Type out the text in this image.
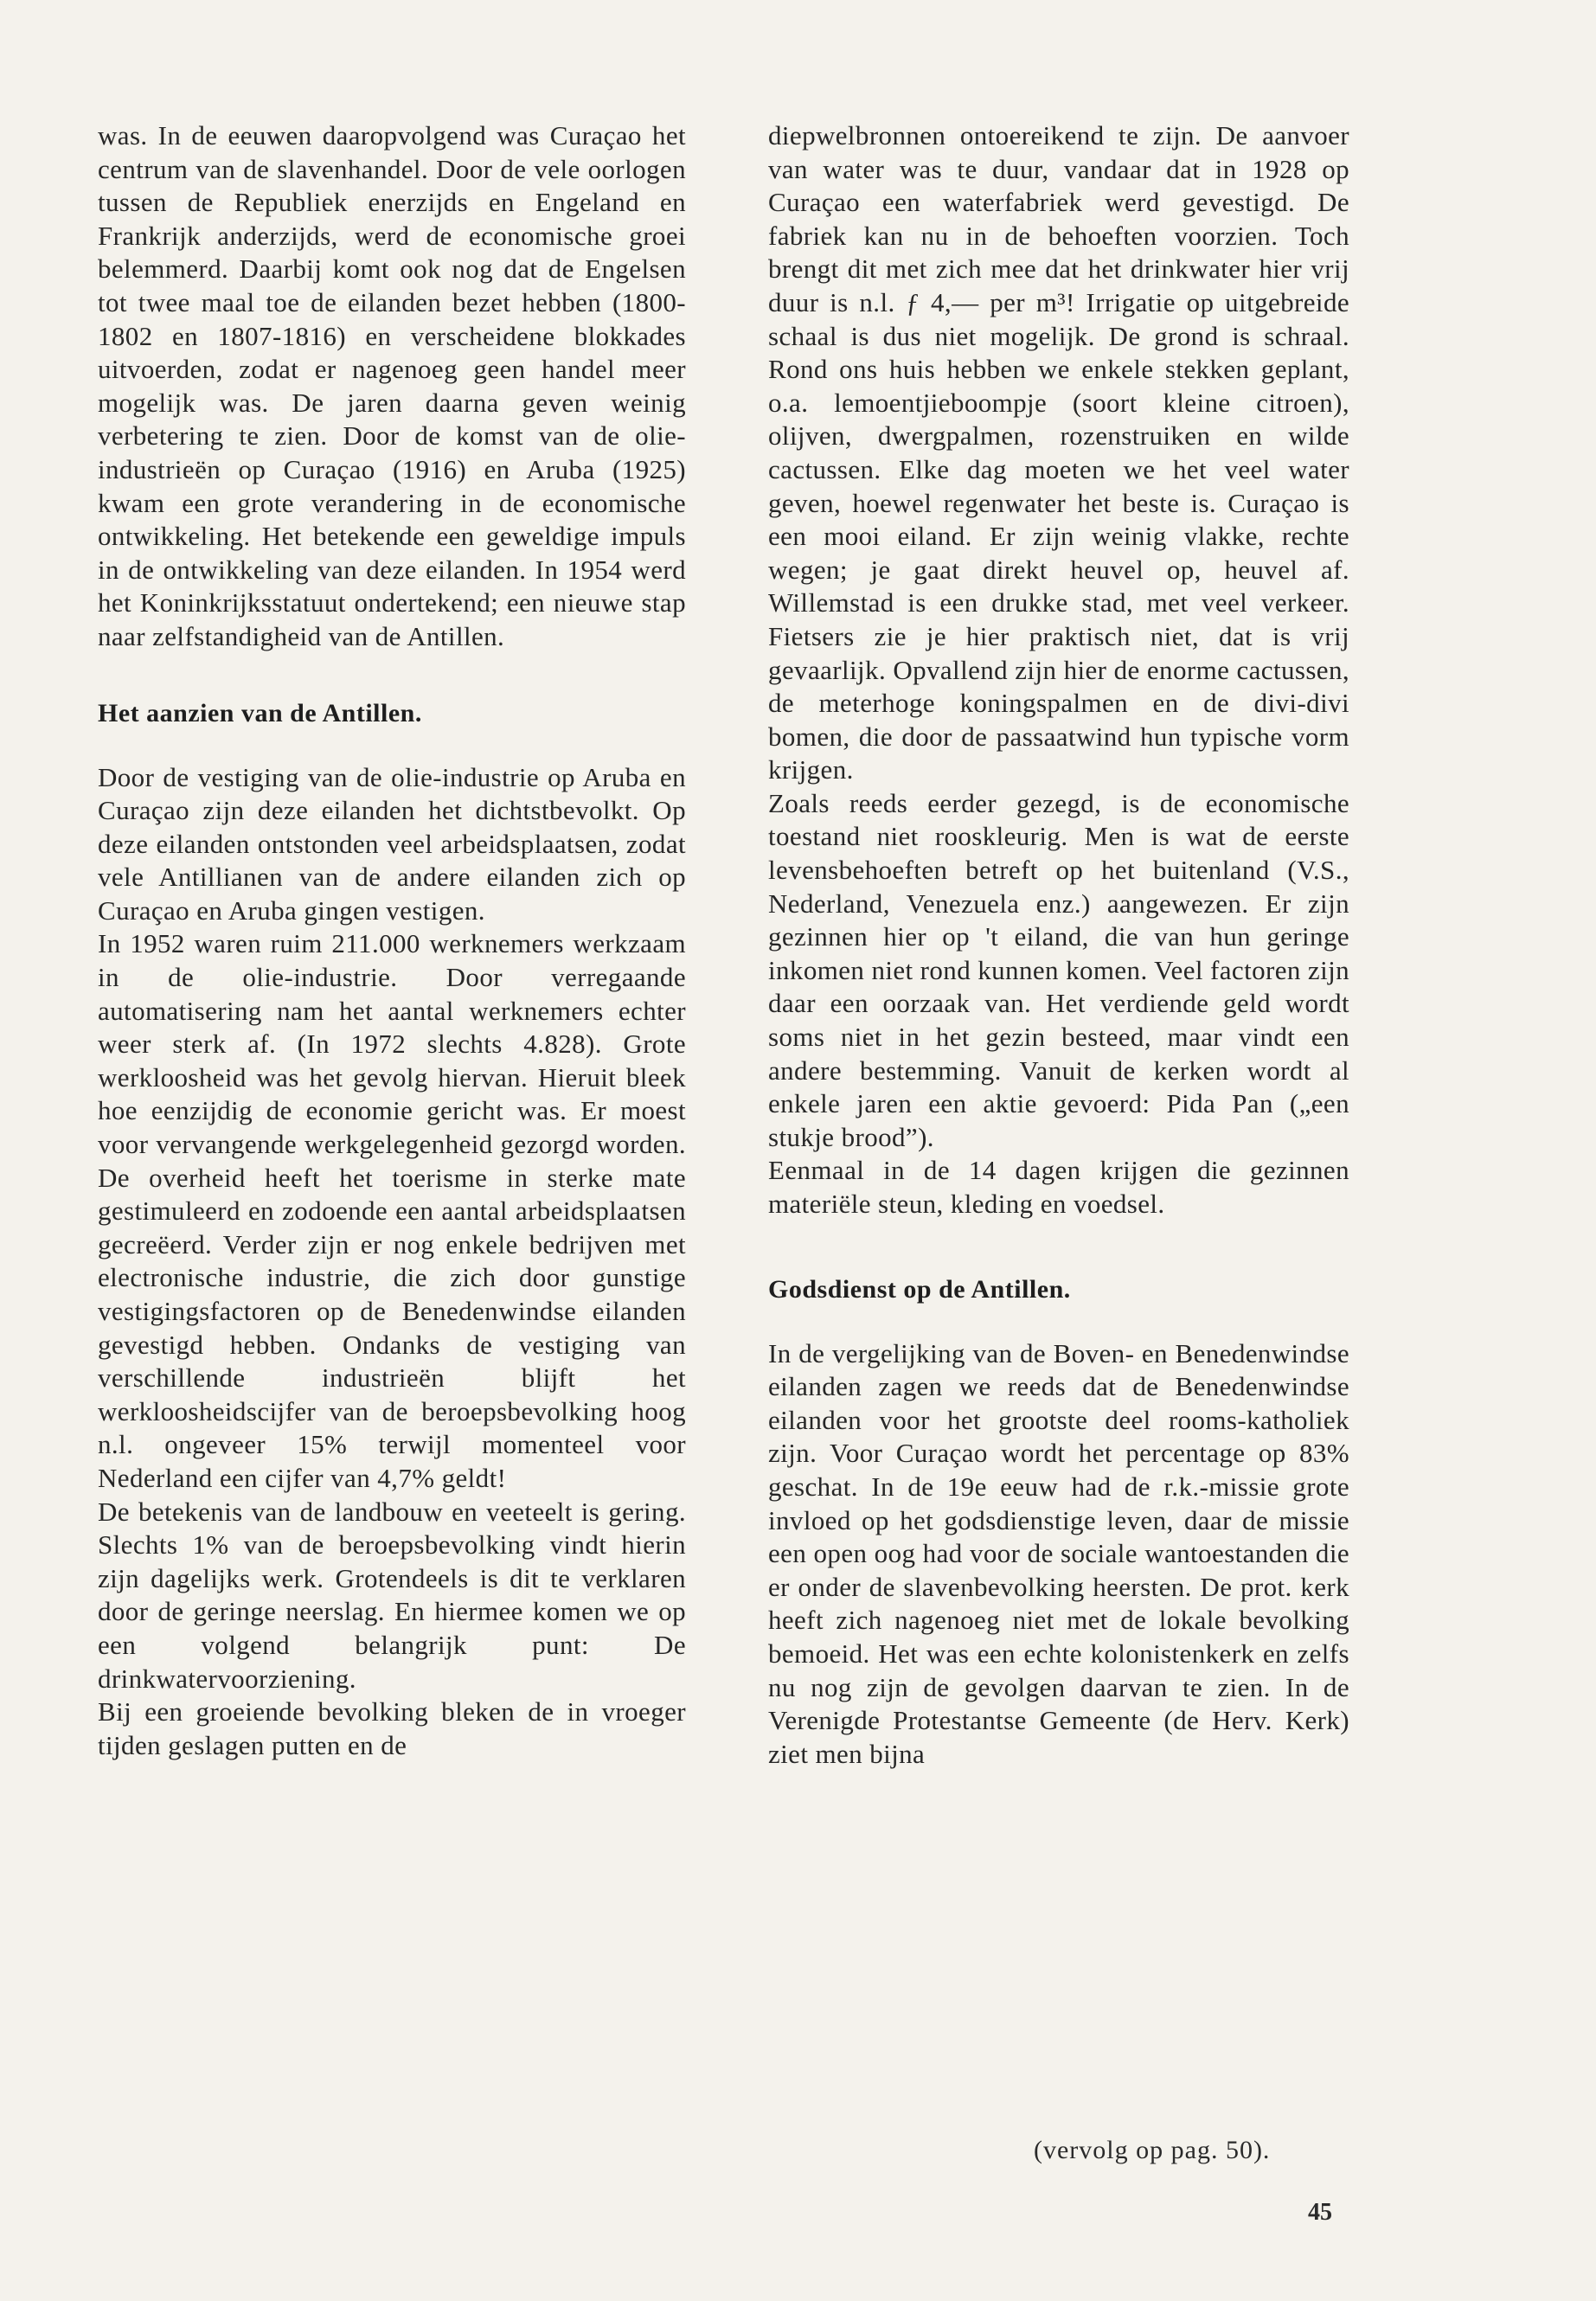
was. In de eeuwen daaropvolgend was Curaçao het centrum van de slavenhandel. Door de vele oorlogen tussen de Republiek enerzijds en Engeland en Frankrijk anderzijds, werd de economische groei belemmerd. Daarbij komt ook nog dat de Engelsen tot twee maal toe de eilanden bezet hebben (1800-1802 en 1807-1816) en verscheidene blokkades uitvoerden, zodat er nagenoeg geen handel meer mogelijk was. De jaren daarna geven weinig verbetering te zien. Door de komst van de olie-industrieën op Curaçao (1916) en Aruba (1925) kwam een grote verandering in de economische ontwikkeling. Het betekende een geweldige impuls in de ontwikkeling van deze eilanden. In 1954 werd het Koninkrijksstatuut ondertekend; een nieuwe stap naar zelfstandigheid van de Antillen.

Het aanzien van de Antillen.

Door de vestiging van de olie-industrie op Aruba en Curaçao zijn deze eilanden het dichtstbevolkt. Op deze eilanden ontstonden veel arbeidsplaatsen, zodat vele Antillianen van de andere eilanden zich op Curaçao en Aruba gingen vestigen.

In 1952 waren ruim 211.000 werknemers werkzaam in de olie-industrie. Door verregaande automatisering nam het aantal werknemers echter weer sterk af. (In 1972 slechts 4.828). Grote werkloosheid was het gevolg hiervan. Hieruit bleek hoe eenzijdig de economie gericht was. Er moest voor vervangende werkgelegenheid gezorgd worden. De overheid heeft het toerisme in sterke mate gestimuleerd en zodoende een aantal arbeidsplaatsen gecreëerd. Verder zijn er nog enkele bedrijven met electronische industrie, die zich door gunstige vestigingsfactoren op de Benedenwindse eilanden gevestigd hebben. Ondanks de vestiging van verschillende industrieën blijft het werkloosheidscijfer van de beroepsbevolking hoog n.l. ongeveer 15% terwijl momenteel voor Nederland een cijfer van 4,7% geldt!

De betekenis van de landbouw en veeteelt is gering. Slechts 1% van de beroepsbevolking vindt hierin zijn dagelijks werk. Grotendeels is dit te verklaren door de geringe neerslag. En hiermee komen we op een volgend belangrijk punt: De drinkwatervoorziening.

Bij een groeiende bevolking bleken de in vroeger tijden geslagen putten en de

diepwelbronnen ontoereikend te zijn. De aanvoer van water was te duur, vandaar dat in 1928 op Curaçao een waterfabriek werd gevestigd. De fabriek kan nu in de behoeften voorzien. Toch brengt dit met zich mee dat het drinkwater hier vrij duur is n.l. ƒ 4,— per m³! Irrigatie op uitgebreide schaal is dus niet mogelijk. De grond is schraal. Rond ons huis hebben we enkele stekken geplant, o.a. lemoentjieboompje (soort kleine citroen), olijven, dwergpalmen, rozenstruiken en wilde cactussen. Elke dag moeten we het veel water geven, hoewel regenwater het beste is. Curaçao is een mooi eiland. Er zijn weinig vlakke, rechte wegen; je gaat direkt heuvel op, heuvel af. Willemstad is een drukke stad, met veel verkeer. Fietsers zie je hier praktisch niet, dat is vrij gevaarlijk. Opvallend zijn hier de enorme cactussen, de meterhoge koningspalmen en de divi-divi bomen, die door de passaatwind hun typische vorm krijgen.

Zoals reeds eerder gezegd, is de economische toestand niet rooskleurig. Men is wat de eerste levensbehoeften betreft op het buitenland (V.S., Nederland, Venezuela enz.) aangewezen. Er zijn gezinnen hier op 't eiland, die van hun geringe inkomen niet rond kunnen komen. Veel factoren zijn daar een oorzaak van. Het verdiende geld wordt soms niet in het gezin besteed, maar vindt een andere bestemming. Vanuit de kerken wordt al enkele jaren een aktie gevoerd: Pida Pan („een stukje brood”).

Eenmaal in de 14 dagen krijgen die gezinnen materiële steun, kleding en voedsel.

Godsdienst op de Antillen.

In de vergelijking van de Boven- en Benedenwindse eilanden zagen we reeds dat de Benedenwindse eilanden voor het grootste deel rooms-katholiek zijn. Voor Curaçao wordt het percentage op 83% geschat. In de 19e eeuw had de r.k.-missie grote invloed op het godsdienstige leven, daar de missie een open oog had voor de sociale wantoestanden die er onder de slavenbevolking heersten. De prot. kerk heeft zich nagenoeg niet met de lokale bevolking bemoeid. Het was een echte kolonistenkerk en zelfs nu nog zijn de gevolgen daarvan te zien. In de Verenigde Protestantse Gemeente (de Herv. Kerk) ziet men bijna

(vervolg op pag. 50).
45
